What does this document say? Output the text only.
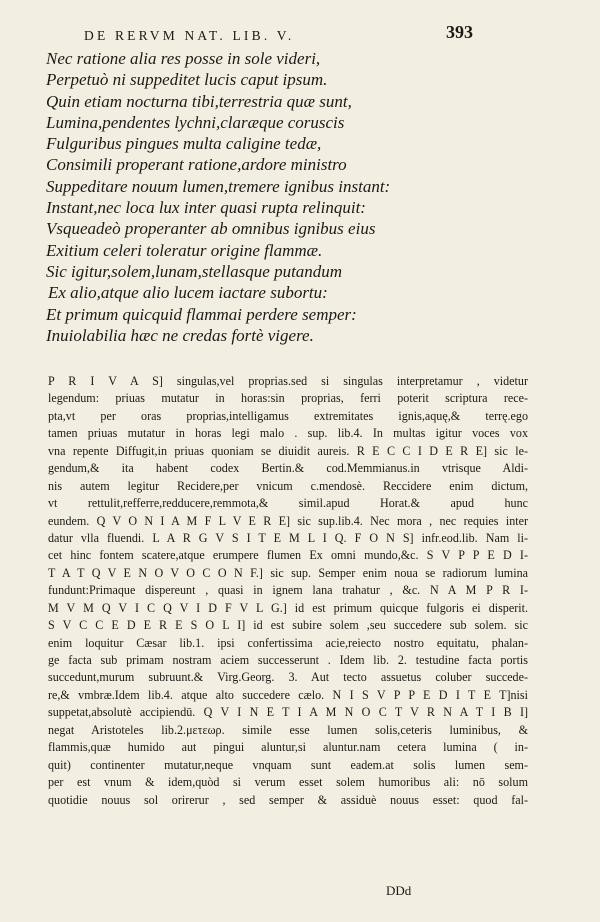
DE RERVM NAT. LIB. V.	393
Nec ratione alia res posse in sole videri,
Perpetuò ni suppeditet lucis caput ipsum.
Quin etiam nocturna tibi,terrestria quæ sunt,
Lumina,pendentes lychni,claræque coruscis
Fulguribus pingues multa caligine tedæ,
Consimili properant ratione,ardore ministro
Suppeditare nouum lumen,tremere ignibus instant:
Instant,nec loca lux inter quasi rupta relinquit:
Vsqueadeò properanter ab omnibus ignibus eius
Exitium celeri toleratur origine flammæ.
Sic igitur,solem,lunam,stellasque putandum
Ex alio,atque alio lucem iactare subortu:
Et primum quicquid flammai perdere semper:
Inuiolabilia hæc ne credas fortè vigere.
P R I V A S] singulas,vel proprias.sed si singulas interpretamur , videtur
legendum: priuas mutatur in horas:sin proprias, ferri poterit scriptura rece-
pta,vt per oras proprias,intelligamus extremitates ignis,aquę,& terrę.ego
tamen priuas mutatur in horas legi malo . sup. lib.4. In multas igitur voces vox
vna repente Diffugit,in priuas quoniam se diuidit aureis. R E C C I D E R E] sic le-
gendum,& ita habent codex Bertin.& cod.Memmianus.in vtrisque Aldi-
nis autem legitur Recidere,per vnicum c.mendosè. Reccidere enim dictum,
vt rettulit,refferre,redducere,remmota,& simil.apud Horat.& apud hunc
eundem. Q V O N I A M F L V E R E] sic sup.lib.4. Nec mora , nec requies inter
datur vlla fluendi. L A R G V S I T E M L I Q. F O N S] infr.eod.lib. Nam li-
cet hinc fontem scatere,atque erumpere flumen Ex omni mundo,&c. S V P P E D I-
T A T Q V E N O V O C O N F.] sic sup. Semper enim noua se radiorum lumina
fundunt:Primaque dispereunt , quasi in ignem lana trahatur , &c. N A M P R I-
M V M Q V I C Q V I D F V L G.] id est primum quicque fulgoris ei disperit.
S V C C E D E R E S O L I] id est subire solem ,seu succedere sub solem. sic
enim loquitur Cæsar lib.1. ipsi confertissima acie,reiecto nostro equitatu, phalan-
ge facta sub primam nostram aciem successerunt . Idem lib. 2. testudine facta portis
succedunt,murum subruunt.& Virg.Georg. 3. Aut tecto assuetus coluber succede-
re,& vmbræ.Idem lib.4. atque alto succedere cælo. N I S V P P E D I T E T]nisi
suppetat,absolutè accipiendū. Q V I N E T I A M N O C T V R N A T I B I]
negat Aristoteles lib.2.μετεωρ. simile esse lumen solis,ceteris luminibus, &
flammis,quæ humido aut pingui aluntur,si aluntur.nam cetera lumina ( in-
quit) continenter mutatur,neque vnquam sunt eadem.at solis lumen sem-
per est vnum & idem,quòd si verum esset solem humoribus ali: nō solum
quotidie nouus sol orirerur , sed semper & assiduè nouus esset: quod fal-
DDd
